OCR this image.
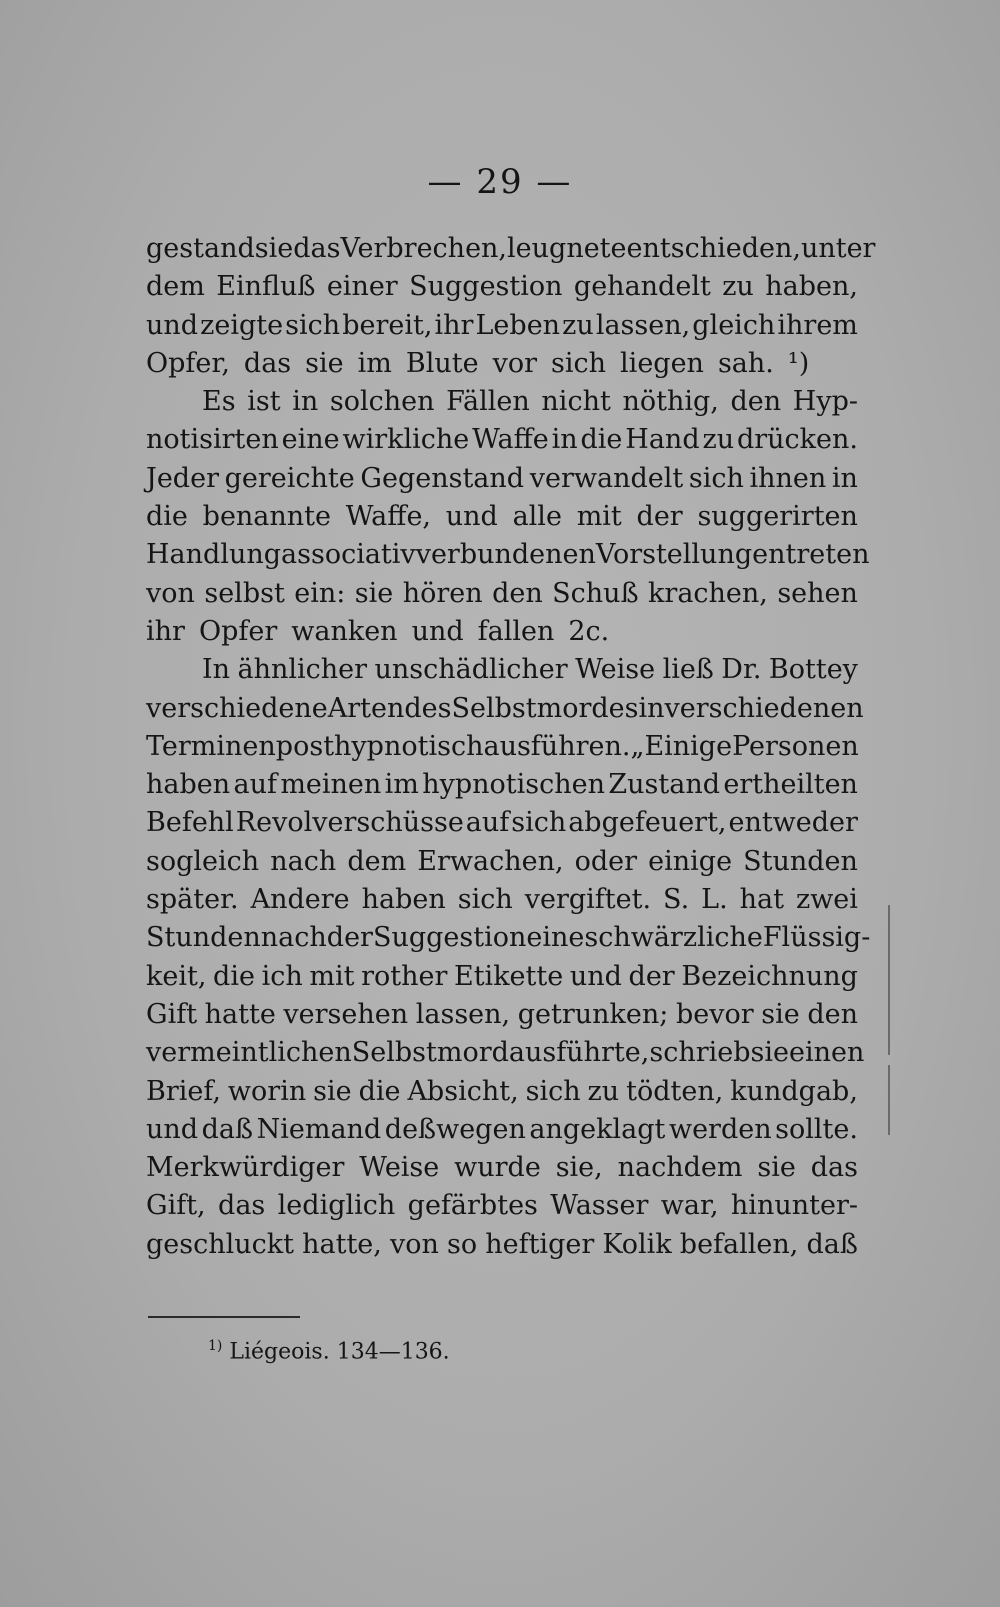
— 29 —
gestand sie das Verbrechen, leugnete entschieden, unter
dem Einfluß einer Suggestion gehandelt zu haben,
und zeigte sich bereit, ihr Leben zu lassen, gleich ihrem
Opfer, das sie im Blute vor sich liegen sah. ¹)
Es ist in solchen Fällen nicht nöthig, den Hyp-
notisirten eine wirkliche Waffe in die Hand zu drücken.
Jeder gereichte Gegenstand verwandelt sich ihnen in
die benannte Waffe, und alle mit der suggerirten
Handlung associativ verbundenen Vorstellungen treten
von selbst ein: sie hören den Schuß krachen, sehen
ihr Opfer wanken und fallen 2c.
In ähnlicher unschädlicher Weise ließ Dr. Bottey
verschiedene Arten des Selbstmordes in verschiedenen
Terminen posthypnotisch ausführen. „Einige Personen
haben auf meinen im hypnotischen Zustand ertheilten
Befehl Revolverschüsse auf sich abgefeuert, entweder
sogleich nach dem Erwachen, oder einige Stunden
später. Andere haben sich vergiftet. S. L. hat zwei
Stunden nach der Suggestion eine schwärzliche Flüssig-
keit, die ich mit rother Etikette und der Bezeichnung
Gift hatte versehen lassen, getrunken; bevor sie den
vermeintlichen Selbstmord ausführte, schrieb sie einen
Brief, worin sie die Absicht, sich zu tödten, kundgab,
und daß Niemand deßwegen angeklagt werden sollte.
Merkwürdiger Weise wurde sie, nachdem sie das
Gift, das lediglich gefärbtes Wasser war, hinunter-
geschluckt hatte, von so heftiger Kolik befallen, daß
$^{1)}$ Liégeois. 134—136.
